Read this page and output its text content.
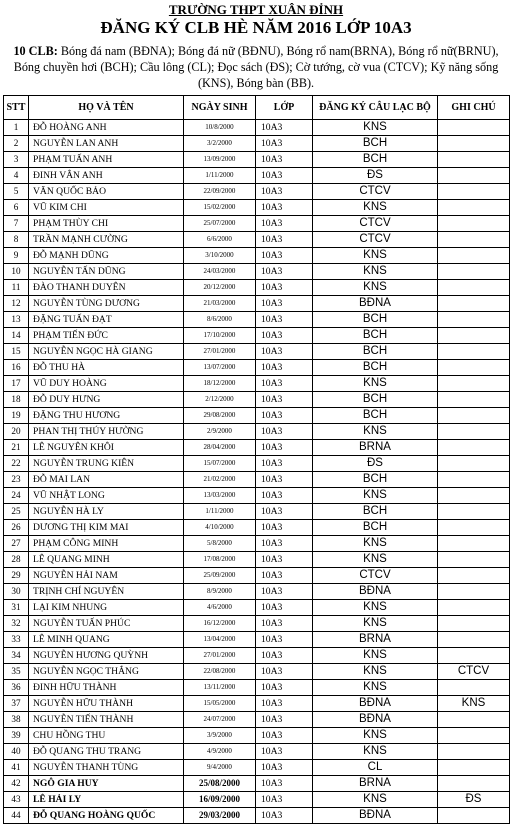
TRƯỜNG THPT XUÂN ĐỈNH
ĐĂNG KÝ CLB HÈ NĂM 2016 LỚP 10A3
10 CLB: Bóng đá nam (BĐNA); Bóng đá nữ (BĐNU), Bóng rổ nam(BRNA), Bóng rổ nữ(BRNU), Bóng chuyền hơi (BCH); Cầu lông (CL); Đọc sách (ĐS); Cờ tướng, cờ vua (CTCV); Kỹ năng sống (KNS), Bóng bàn (BB).
STT	HỌ VÀ TÊN	NGÀY SINH	LỚP	ĐĂNG KÝ CÂU LẠC BỘ	GHI CHÚ
1	ĐỖ HOÀNG ANH	10/8/2000	10A3	KNS	
2	NGUYỄN LAN ANH	3/2/2000	10A3	BCH	
3	PHẠM TUẤN ANH	13/09/2000	10A3	BCH	
4	ĐINH VÂN ANH	1/11/2000	10A3	ĐS	
5	VĂN QUỐC BẢO	22/09/2000	10A3	CTCV	
6	VŨ KIM CHI	15/02/2000	10A3	KNS	
7	PHẠM THÙY CHI	25/07/2000	10A3	CTCV	
8	TRẦN MẠNH CƯỜNG	6/6/2000	10A3	CTCV	
9	ĐỖ MẠNH DŨNG	3/10/2000	10A3	KNS	
10	NGUYỄN TẤN DŨNG	24/03/2000	10A3	KNS	
11	ĐÀO THANH DUYÊN	20/12/2000	10A3	KNS	
12	NGUYỄN TÙNG DƯƠNG	21/03/2000	10A3	BĐNA	
13	ĐẶNG TUẤN ĐẠT	8/6/2000	10A3	BCH	
14	PHẠM TIẾN ĐỨC	17/10/2000	10A3	BCH	
15	NGUYỄN NGỌC HÀ GIANG	27/01/2000	10A3	BCH	
16	ĐỖ THU HÀ	13/07/2000	10A3	BCH	
17	VŨ DUY HOÀNG	18/12/2000	10A3	KNS	
18	ĐỖ DUY HƯNG	2/12/2000	10A3	BCH	
19	ĐẶNG THU HƯƠNG	29/08/2000	10A3	BCH	
20	PHAN THỊ THÚY HƯỜNG	2/9/2000	10A3	KNS	
21	LÊ NGUYÊN KHÔI	28/04/2000	10A3	BRNA	
22	NGUYỄN TRUNG KIÊN	15/07/2000	10A3	ĐS	
23	ĐỖ MAI LAN	21/02/2000	10A3	BCH	
24	VŨ NHẬT LONG	13/03/2000	10A3	KNS	
25	NGUYỄN HÀ LY	1/11/2000	10A3	BCH	
26	DƯƠNG THỊ KIM MAI	4/10/2000	10A3	BCH	
27	PHẠM CÔNG MINH	5/8/2000	10A3	KNS	
28	LÊ QUANG MINH	17/08/2000	10A3	KNS	
29	NGUYỄN HẢI NAM	25/09/2000	10A3	CTCV	
30	TRỊNH CHÍ NGUYÊN	8/9/2000	10A3	BĐNA	
31	LẠI KIM NHUNG	4/6/2000	10A3	KNS	
32	NGUYỄN TUẤN PHÚC	16/12/2000	10A3	KNS	
33	LÊ MINH QUANG	13/04/2000	10A3	BRNA	
34	NGUYỄN HƯƠNG QUỲNH	27/01/2000	10A3	KNS	
35	NGUYỄN NGỌC THẮNG	22/08/2000	10A3	KNS	CTCV
36	ĐINH HỮU THÀNH	13/11/2000	10A3	KNS	
37	NGUYỄN HỮU THÀNH	15/05/2000	10A3	BĐNA	KNS
38	NGUYỄN TIẾN THÀNH	24/07/2000	10A3	BĐNA	
39	CHU HỒNG THU	3/9/2000	10A3	KNS	
40	ĐỖ QUANG THU TRANG	4/9/2000	10A3	KNS	
41	NGUYỄN THANH TÙNG	9/4/2000	10A3	CL	
42	NGÔ GIA HUY	25/08/2000	10A3	BRNA	
43	LÊ HẢI LY	16/09/2000	10A3	KNS	ĐS
44	ĐỖ QUANG HOÀNG QUỐC	29/03/2000	10A3	BĐNA	
